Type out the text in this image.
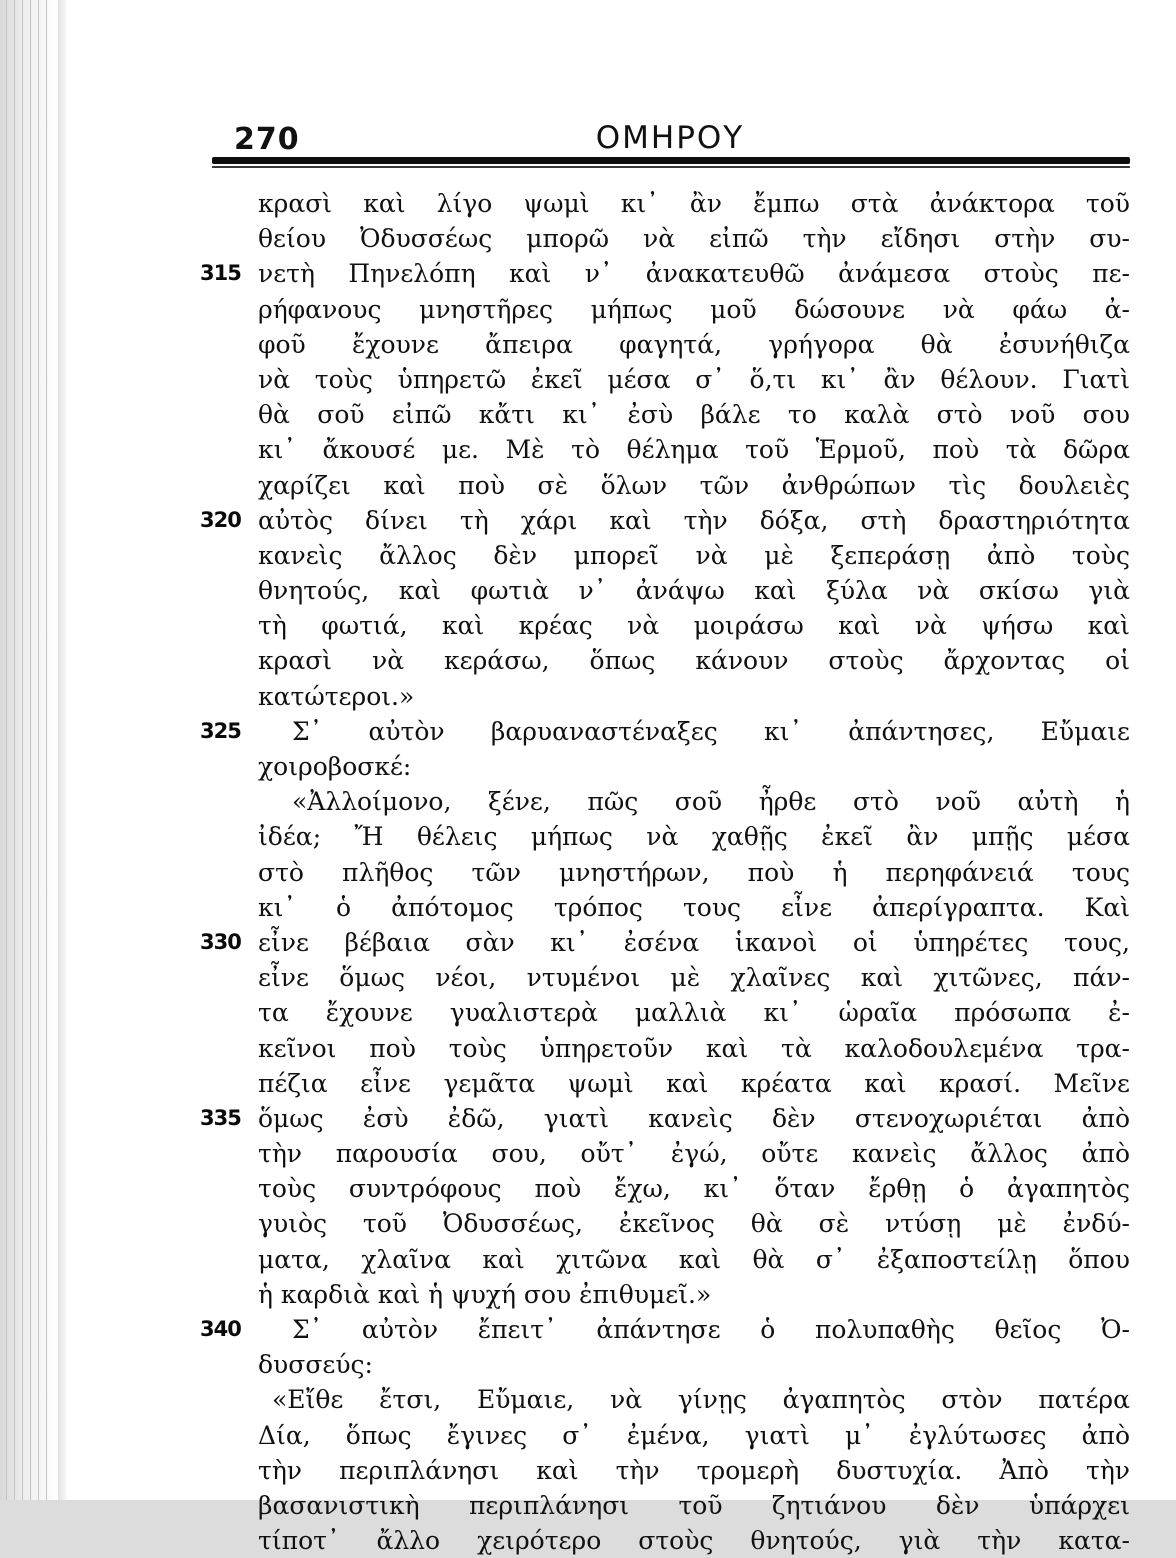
270	ΟΜΗΡΟΥ
κρασὶ καὶ λίγο ψωμὶ κι᾽ ἂν ἔμπω στὰ ἀνάκτορα τοῦ
θείου Ὀδυσσέως μπορῶ νὰ εἰπῶ τὴν εἴδησι στὴν συ-
315 νετὴ Πηνελόπη καὶ ν᾽ ἀνακατευθῶ ἀνάμεσα στοὺς πε-
ρήφανους μνηστῆρες μήπως μοῦ δώσουνε νὰ φάω ἀ-
φοῦ ἔχουνε ἄπειρα φαγητά, γρήγορα θὰ ἐσυνήθιζα
νὰ τοὺς ὑπηρετῶ ἐκεῖ μέσα σ᾽ ὅ,τι κι᾽ ἂν θέλουν. Γιατὶ
θὰ σοῦ εἰπῶ κἄτι κι᾽ ἐσὺ βάλε το καλὰ στὸ νοῦ σου
κι᾽ ἄκουσέ με. Μὲ τὸ θέλημα τοῦ Ἑρμοῦ, ποὺ τὰ δῶρα
χαρίζει καὶ ποὺ σὲ ὅλων τῶν ἀνθρώπων τὶς δουλειὲς
320 αὐτὸς δίνει τὴ χάρι καὶ τὴν δόξα, στὴ δραστηριότητα
κανεὶς ἄλλος δὲν μπορεῖ νὰ μὲ ξεπεράσῃ ἀπὸ τοὺς
θνητούς, καὶ φωτιὰ ν᾽ ἀνάψω καὶ ξύλα νὰ σκίσω γιὰ
τὴ φωτιά, καὶ κρέας νὰ μοιράσω καὶ νὰ ψήσω καὶ
κρασὶ νὰ κεράσω, ὅπως κάνουν στοὺς ἄρχοντας οἱ
κατώτεροι.»
325 Σ᾽ αὐτὸν βαρυαναστέναξες κι᾽ ἀπάντησες, Εὔμαιε
χοιροβοσκέ:
«Ἀλλοίμονο, ξένε, πῶς σοῦ ἦρθε στὸ νοῦ αὐτὴ ἡ
ἰδέα; Ἤ θέλεις μήπως νὰ χαθῇς ἐκεῖ ἂν μπῇς μέσα
στὸ πλῆθος τῶν μνηστήρων, ποὺ ἡ περηφάνειά τους
κι᾽ ὁ ἀπότομος τρόπος τους εἶνε ἀπερίγραπτα. Καὶ
330 εἶνε βέβαια σὰν κι᾽ ἐσένα ἱκανοὶ οἱ ὑπηρέτες τους,
εἶνε ὅμως νέοι, ντυμένοι μὲ χλαῖνες καὶ χιτῶνες, πάν-
τα ἔχουνε γυαλιστερὰ μαλλιὰ κι᾽ ὡραῖα πρόσωπα ἐ-
κεῖνοι ποὺ τοὺς ὑπηρετοῦν καὶ τὰ καλοδουλεμένα τρα-
πέζια εἶνε γεμᾶτα ψωμὶ καὶ κρέατα καὶ κρασί. Μεῖνε
335 ὅμως ἐσὺ ἐδῶ, γιατὶ κανεὶς δὲν στενοχωριέται ἀπὸ
τὴν παρουσία σου, οὔτ᾽ ἐγώ, οὔτε κανεὶς ἄλλος ἀπὸ
τοὺς συντρόφους ποὺ ἔχω, κι᾽ ὅταν ἔρθῃ ὁ ἀγαπητὸς
γυιὸς τοῦ Ὀδυσσέως, ἐκεῖνος θὰ σὲ ντύσῃ μὲ ἐνδύ-
ματα, χλαῖνα καὶ χιτῶνα καὶ θὰ σ᾽ ἐξαποστείλῃ ὅπου
ἡ καρδιὰ καὶ ἡ ψυχή σου ἐπιθυμεῖ.»
340 Σ᾽ αὐτὸν ἔπειτ᾽ ἀπάντησε ὁ πολυπαθὴς θεῖος Ὀ-
δυσσεύς:
«Εἴθε ἔτσι, Εὔμαιε, νὰ γίνῃς ἀγαπητὸς στὸν πατέρα
Δία, ὅπως ἔγινες σ᾽ ἐμένα, γιατὶ μ᾽ ἐγλύτωσες ἀπὸ
τὴν περιπλάνησι καὶ τὴν τρομερὴ δυστυχία. Ἀπὸ τὴν
βασανιστικὴ περιπλάνησι τοῦ ζητιάνου δὲν ὑπάρχει
τίποτ᾽ ἄλλο χειρότερο στοὺς θνητούς, γιὰ τὴν κατα-
